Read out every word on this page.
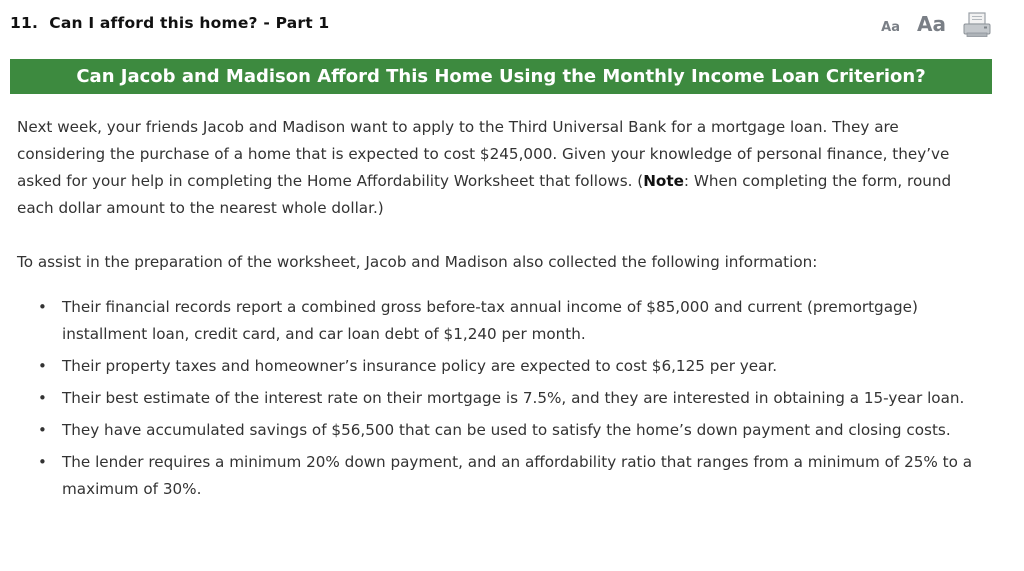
11. Can I afford this home? - Part 1	Aa Aa
Can Jacob and Madison Afford This Home Using the Monthly Income Loan Criterion?

Next week, your friends Jacob and Madison want to apply to the Third Universal Bank for a mortgage loan. They are considering the purchase of a home that is expected to cost $245,000. Given your knowledge of personal finance, they’ve asked for your help in completing the Home Affordability Worksheet that follows. (Note: When completing the form, round each dollar amount to the nearest whole dollar.)

To assist in the preparation of the worksheet, Jacob and Madison also collected the following information:

• Their financial records report a combined gross before-tax annual income of $85,000 and current (premortgage) installment loan, credit card, and car loan debt of $1,240 per month.
• Their property taxes and homeowner’s insurance policy are expected to cost $6,125 per year.
• Their best estimate of the interest rate on their mortgage is 7.5%, and they are interested in obtaining a 15-year loan.
• They have accumulated savings of $56,500 that can be used to satisfy the home’s down payment and closing costs.
• The lender requires a minimum 20% down payment, and an affordability ratio that ranges from a minimum of 25% to a maximum of 30%.
